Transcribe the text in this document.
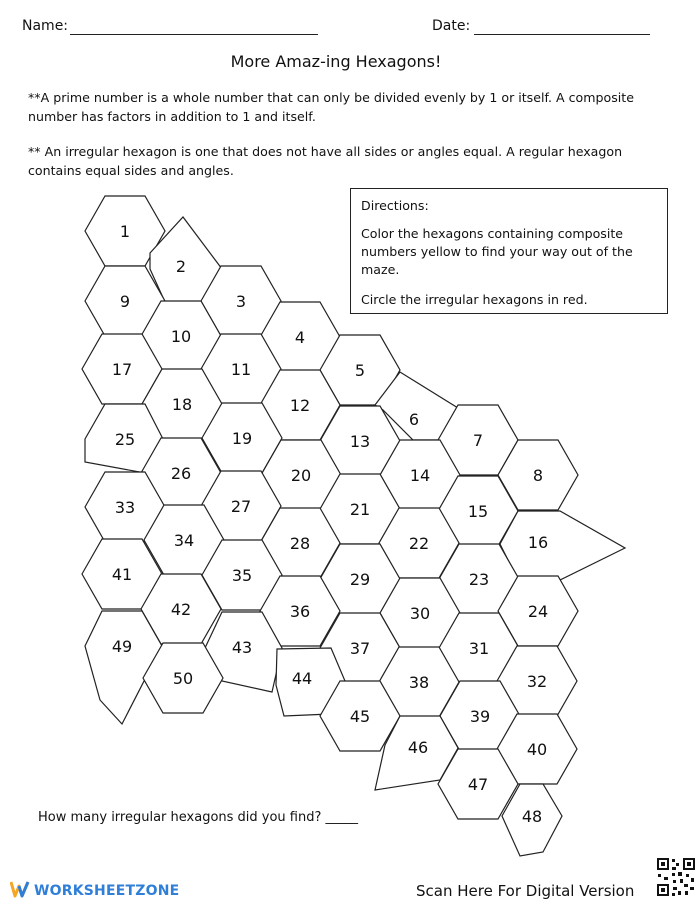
Name:	Date:
More Amaz-ing Hexagons!
**A prime number is a whole number that can only be divided evenly by 1 or itself. A composite number has factors in addition to 1 and itself.
** An irregular hexagon is one that does not have all sides or angles equal. A regular hexagon contains equal sides and angles.

Directions:

Color the hexagons containing composite numbers yellow to find your way out of the maze.

Circle the irregular hexagons in red.

1
2
3
4
5
6
7
8
9
10
11
12
13
14
15
16
17
18
19
20
21
22
23
24
25
26
27
28
29
30
31
32
33
34
35
36
37
38
39
40
41
42
43
44
45
46
47
48
49
50
How many irregular hexagons did you find? _____
WORKSHEETZONE	Scan Here For Digital Version
